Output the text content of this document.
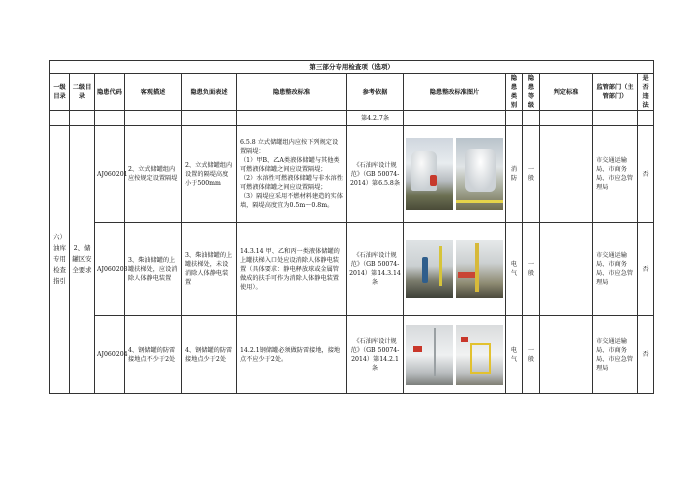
第三部分专用检查项（选项）												
一级目录	二级目录	隐患代码	客观描述	隐患负面表述	隐患整改标准	参考依据	隐患整改标准图片	隐患类别	隐患等级	判定标准	监管部门（主管部门）	是否违法
						第4.2.7条						
六）油库专用检查指引	2、储罐区安全要求	AJ060201	2、立式储罐组内应按规定设置隔堤	2、立式储罐组内设置的隔堤高度小于500mm	6.5.8 立式储罐组内应按下列规定设置隔堤：
（1）甲B、乙A类液体储罐与其他类可燃液体储罐之间应设置隔堤；
（2）水溶性可燃液体储罐与非水溶性可燃液体储罐之间应设置隔堤；
（3）隔堤应采用不燃材料建造的实体墙，隔堤高度宜为0.5m～0.8m。	《石油库设计规范》（GB 50074-2014）第6.5.8条		消防	一般		市交通运输局、市商务局、市应急管理局	否
		AJ060203	3、柴油储罐的上罐扶梯处，应设消除人体静电装置	3、柴油储罐的上罐扶梯处，未设消除人体静电装置	14.3.14 甲、乙和丙一类液体储罐的上罐扶梯入口处应设消除人体静电装置（具体要求：静电释放球或金属管做成的扶手可作为消除人体静电装置使用）。	《石油库设计规范》（GB 50074-2014）第14.3.14条		电气	一般		市交通运输局、市商务局、市应急管理局	否
		AJ060204	4、钢储罐的防雷接地点不少于2处	4、钢储罐的防雷接地点少于2处	14.2.1钢储罐必须做防雷接地，接地点不应少于2处。	《石油库设计规范》（GB 50074-2014）第14.2.1条		电气	一般		市交通运输局、市商务局、市应急管理局	否
